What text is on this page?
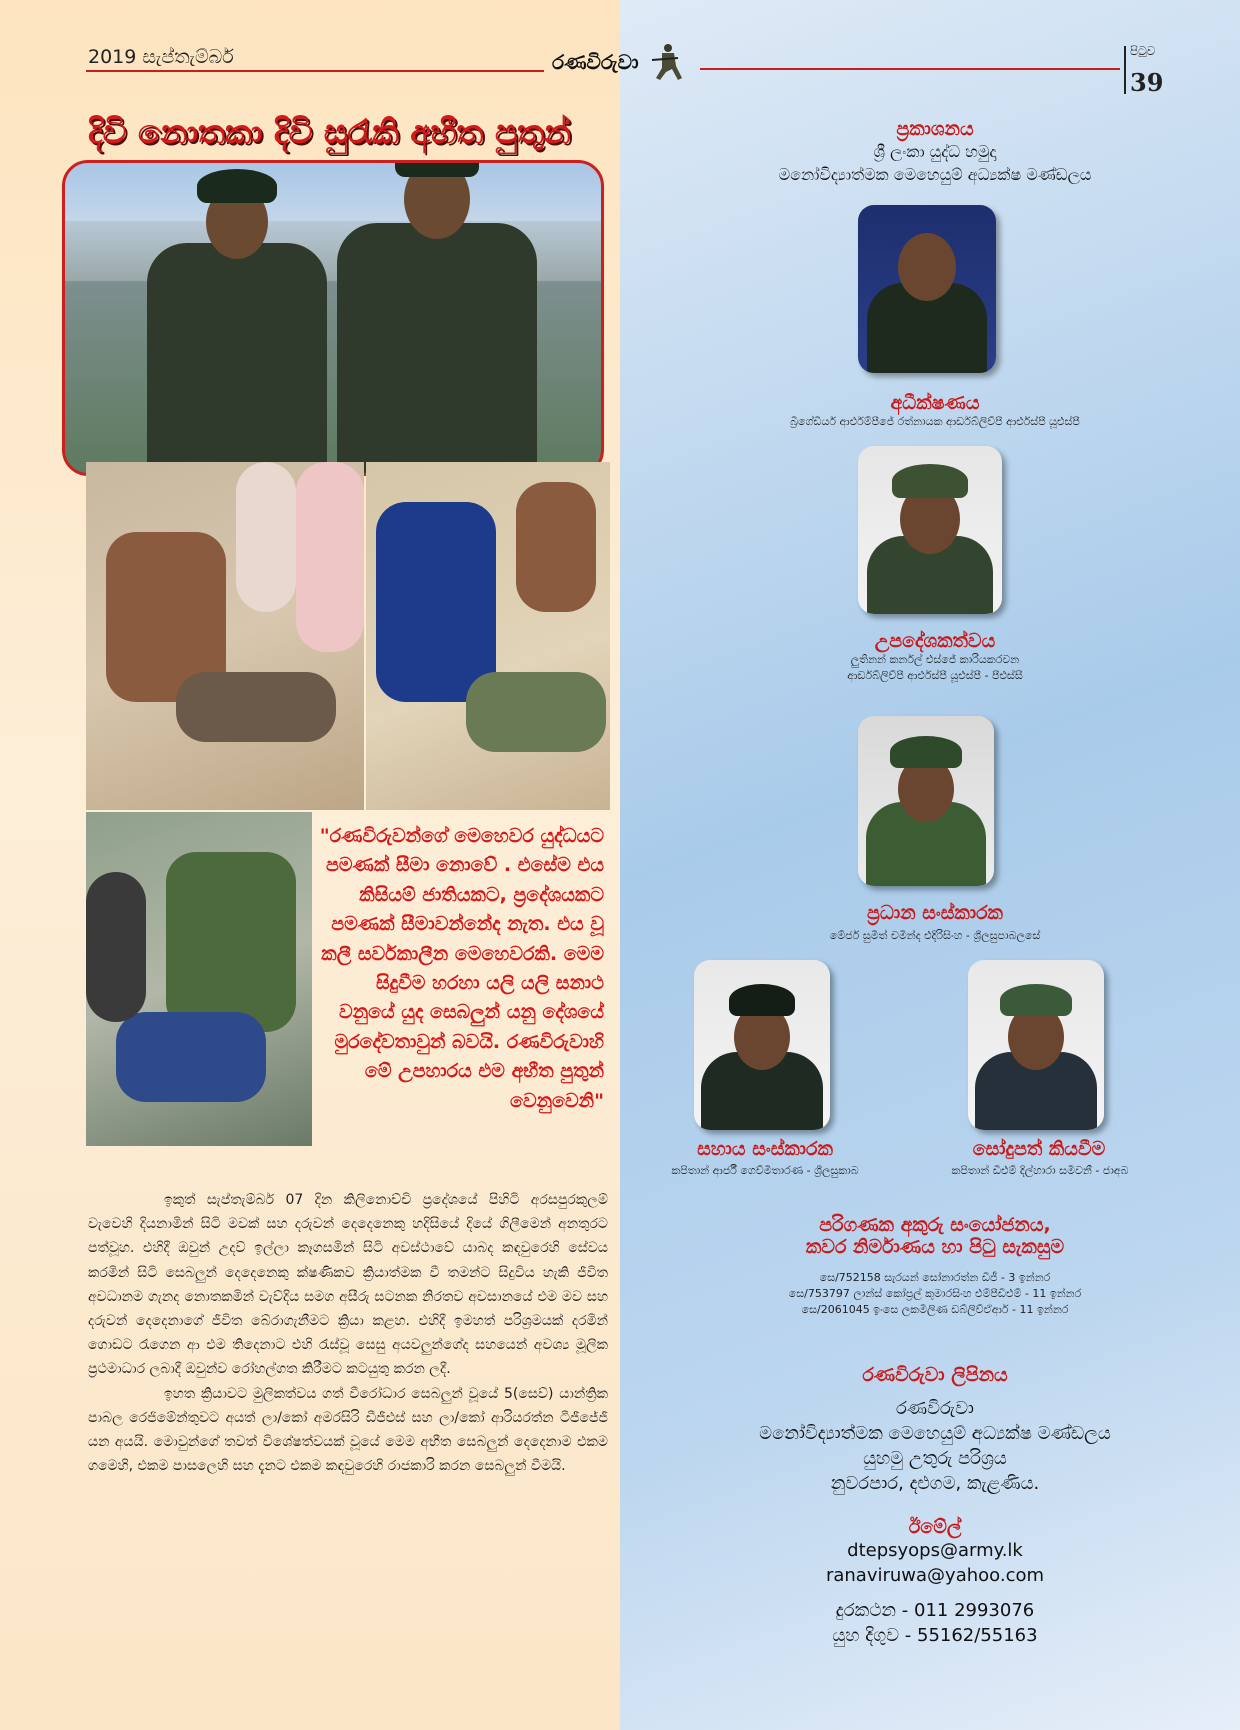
2019 සැප්තැම්බර්	රණවිරුවා	පිටුව
39
දිවි නොතකා දිවි සුරැකි අභීත පුතුන්
"රණවිරුවන්ගේ මෙහෙවර යුද්ධයට පමණක් සීමා නොවේ . එසේම එය කිසියම් ජාතියකට, ප්‍රදේශයකට පමණක් සීමාවන්නේද නැත. එය වූ කලී සර්වකාලීන මෙහෙවරකි. මෙම සිදුවීම හරහා යලි යලි සනාථ වනුයේ යුද සෙබලුන් යනු දේශයේ මුරදේවතාවුන් බවයි. රණවිරුවාහි මේ උපහාරය එම අභීත පුතුන් වෙනුවෙනි"

ඉකුත් සැප්තැම්බර් 07 දින කිලිනොච්චි ප්‍රදේශයේ පිහිටි අරසපුරකුලම් වැවෙහි දියනාමින් සිටි මවක් සහ දරුවන් දෙදෙනෙකු හදිසියේ දියේ ගිලීමෙන් අනතුරට පත්වූහ. එහිදී ඔවුන් උදව් ඉල්ලා කෑගසමින් සිටි අවස්ථාවේ යාබද කඳවුරෙහි සේවය කරමින් සිටි සෙබලුන් දෙදෙනෙකු ක්ෂණිකව ක්‍රියාත්මක වී තමන්ට සිදුවිය හැකි ජීවිත අවධානම ගැනද නොතකමින් වැව්දිය සමග අසීරු සටනක නිරතව අවසානයේ එම මව සහ දරුවන් දෙදෙනාගේ ජීවිත බේරාගැනීමට ක්‍රියා කළහ. එහිදී ඉමහත් පරිශ්‍රමයක් දරමින් ගොඩට රැගෙන ආ එම තිදෙනාට එහි රැස්වූ සෙසු අයවලුන්ගේද සහයෙන් අවශ්‍ය මූලික ප්‍රථමාධාර ලබාදී ඔවුන්ව රෝහල්ගත කිරීමට කටයුතු කරන ලදී.

ඉහත ක්‍රියාවට මුලිකත්වය ගත් වීරෝධාර සෙබලුන් වූයේ 5(සෙව්) යාන්ත්‍රික පාබල රෙජිමේන්තුවට අයත් ලා/කෝ අමරසිරි ඩීජීඑස් සහ ලා/කෝ ආරියරත්න ටීජීජේජී යන අයයි. මොවුන්ගේ තවත් විශේෂත්වයක් වූයේ මෙම අභීත සෙබලුන් දෙදෙනාම එකම ගමෙහි, එකම පාසලෙහි සහ දැනට එකම කඳවුරෙහි රාජකාරි කරන සෙබලුන් වීමයි.

ප්‍රකාශනය
ශ්‍රී ලංකා යුද්ධ හමුදා
මනෝවිද්‍යාත්මක මෙහෙයුම් අධ්‍යක්ෂ මණ්ඩලය
අධීක්ෂණය
බ්‍රිගේඩියර් ආර්එම්පීජේ රත්නායක ආර්ඩබ්ලිව්පී ආර්එස්පී යූඑස්පී
උපදේශකත්වය
ලුතිනන් කර්නල් එස්ජේ කාරියකරවන
ආර්ඩබ්ලිව්පී ආර්එස්පී යූඑස්පී - පීඑස්සී
ප්‍රධාන සංස්කාරක
මේජර් සුමිත් චමින්ද එදිරිසිංහ - ශ්‍රීලසුපාබලසේ
සහාය සංස්කාරක
කපිතාන් ආර්ජී ගෙව්මිතාරණ - ශ්‍රීලසුකාබ
සෝදුපත් කියවීම
කපිතාන් ඩීඑම් දිල්හාරා සමීවනී - ජාඅබ
පරිගණක අකුරු සංයෝජනය,
කවර නිර්මාණය හා පිටු සැකසුම
සෙ/752158 සැරයන් සෝනාරත්න ඩීජී - 3 ඉන්නර
සෙ/753797 ලාන්ස් කෝප්‍රල් කුමාරසිංහ එම්පීඩීඑම් - 11 ඉන්නර
සෙ/2061045 ඉංසෙ ලකමිලිණ ඩබ්ලිව්ඒආර් - 11 ඉන්නර
රණවිරුවා ලිපිනය
රණවිරුවා
මනෝවිද්‍යාත්මක මෙහෙයුම් අධ්‍යක්ෂ මණ්ඩලය
යුහමු උතුරු පරිශ්‍රය
නුවරපාර, දළුගම, කැළණිය.
ඊමේල්
dtepsyops@army.lk
ranaviruwa@yahoo.com
දුරකථන - 011 2993076
යුහ දිගුව - 55162/55163
